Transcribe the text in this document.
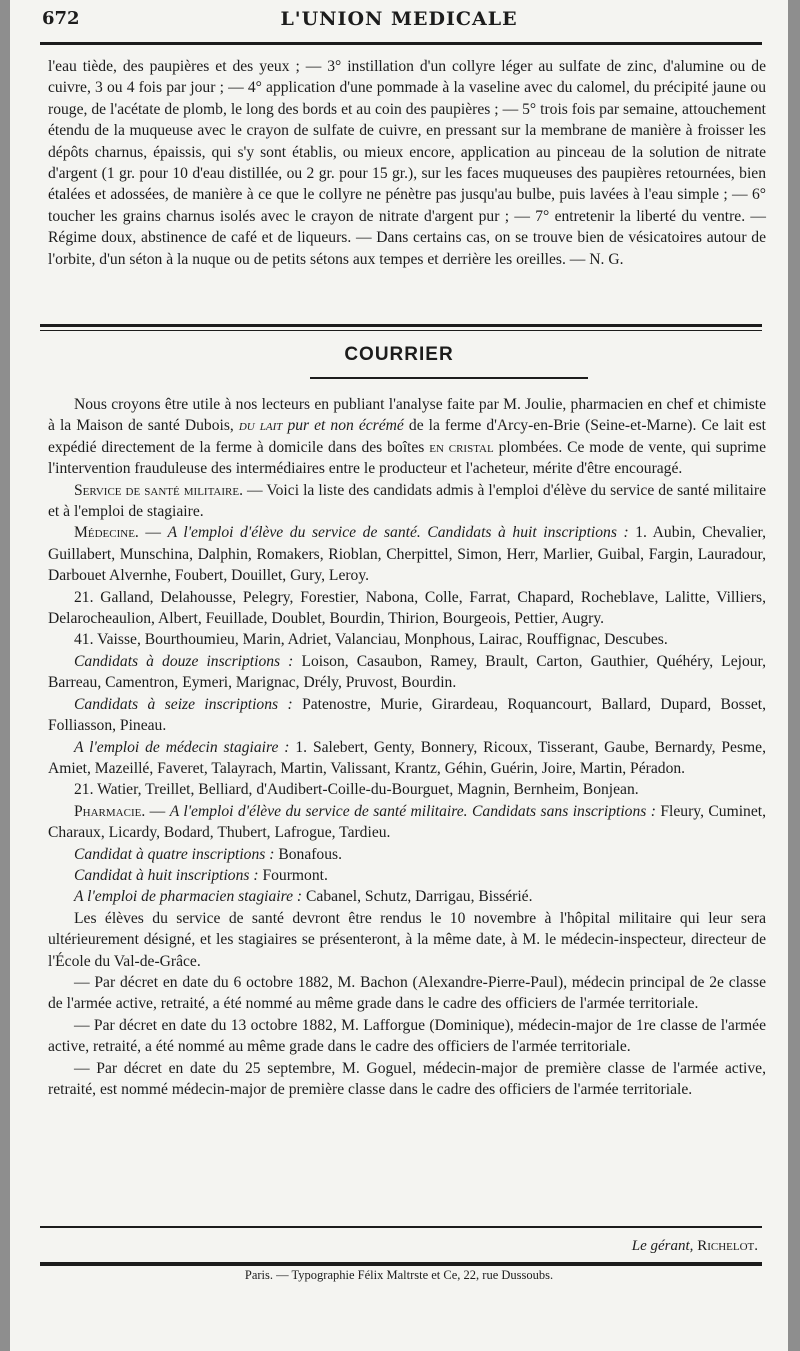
672	L'UNION MEDICALE

l'eau tiède, des paupières et des yeux ; — 3° instillation d'un collyre léger au sulfate de zinc, d'alumine ou de cuivre, 3 ou 4 fois par jour ; — 4° application d'une pommade à la vaseline avec du calomel, du précipité jaune ou rouge, de l'acétate de plomb, le long des bords et au coin des paupières ; — 5° trois fois par semaine, attouchement étendu de la muqueuse avec le crayon de sulfate de cuivre, en pressant sur la membrane de manière à froisser les dépôts charnus, épaissis, qui s'y sont établis, ou mieux encore, application au pinceau de la solution de nitrate d'argent (1 gr. pour 10 d'eau distillée, ou 2 gr. pour 15 gr.), sur les faces muqueuses des paupières retournées, bien étalées et adossées, de manière à ce que le collyre ne pénètre pas jusqu'au bulbe, puis lavées à l'eau simple ; — 6° toucher les grains charnus isolés avec le crayon de nitrate d'argent pur ; — 7° entretenir la liberté du ventre. — Régime doux, abstinence de café et de liqueurs. — Dans certains cas, on se trouve bien de vésicatoires autour de l'orbite, d'un séton à la nuque ou de petits sétons aux tempes et derrière les oreilles. — N. G.

COURRIER

Nous croyons être utile à nos lecteurs en publiant l'analyse faite par M. Joulie, pharmacien en chef et chimiste à la Maison de santé Dubois, du lait pur et non écrémé de la ferme d'Arcy-en-Brie (Seine-et-Marne). Ce lait est expédié directement de la ferme à domicile dans des boîtes en cristal plombées. Ce mode de vente, qui suprime l'intervention frauduleuse des intermédiaires entre le producteur et l'acheteur, mérite d'être encouragé.

Service de santé militaire. — Voici la liste des candidats admis à l'emploi d'élève du service de santé militaire et à l'emploi de stagiaire.

Médecine. — A l'emploi d'élève du service de santé. Candidats à huit inscriptions : 1. Aubin, Chevalier, Guillabert, Munschina, Dalphin, Romakers, Rioblan, Cherpittel, Simon, Herr, Marlier, Guibal, Fargin, Lauradour, Darbouet Alvernhe, Foubert, Douillet, Gury, Leroy.

21. Galland, Delahousse, Pelegry, Forestier, Nabona, Colle, Farrat, Chapard, Rocheblave, Lalitte, Villiers, Delarocheaulion, Albert, Feuillade, Doublet, Bourdin, Thirion, Bourgeois, Pettier, Augry.

41. Vaisse, Bourthoumieu, Marin, Adriet, Valanciau, Monphous, Lairac, Rouffignac, Descubes.

Candidats à douze inscriptions : Loison, Casaubon, Ramey, Brault, Carton, Gauthier, Quéhéry, Lejour, Barreau, Camentron, Eymeri, Marignac, Drély, Pruvost, Bourdin.

Candidats à seize inscriptions : Patenostre, Murie, Girardeau, Roquancourt, Ballard, Dupard, Bosset, Folliasson, Pineau.

A l'emploi de médecin stagiaire : 1. Salebert, Genty, Bonnery, Ricoux, Tisserant, Gaube, Bernardy, Pesme, Amiet, Mazeillé, Faveret, Talayrach, Martin, Valissant, Krantz, Géhin, Guérin, Joire, Martin, Péradon.

21. Watier, Treillet, Belliard, d'Audibert-Coille-du-Bourguet, Magnin, Bernheim, Bonjean.

Pharmacie. — A l'emploi d'élève du service de santé militaire. Candidats sans inscriptions : Fleury, Cuminet, Charaux, Licardy, Bodard, Thubert, Lafrogue, Tardieu.

Candidat à quatre inscriptions : Bonafous.

Candidat à huit inscriptions : Fourmont.

A l'emploi de pharmacien stagiaire : Cabanel, Schutz, Darrigau, Bissérié.

Les élèves du service de santé devront être rendus le 10 novembre à l'hôpital militaire qui leur sera ultérieurement désigné, et les stagiaires se présenteront, à la même date, à M. le médecin-inspecteur, directeur de l'École du Val-de-Grâce.

— Par décret en date du 6 octobre 1882, M. Bachon (Alexandre-Pierre-Paul), médecin principal de 2e classe de l'armée active, retraité, a été nommé au même grade dans le cadre des officiers de l'armée territoriale.

— Par décret en date du 13 octobre 1882, M. Lafforgue (Dominique), médecin-major de 1re classe de l'armée active, retraité, a été nommé au même grade dans le cadre des officiers de l'armée territoriale.

— Par décret en date du 25 septembre, M. Goguel, médecin-major de première classe de l'armée active, retraité, est nommé médecin-major de première classe dans le cadre des officiers de l'armée territoriale.

Le gérant, Richelot.
Paris. — Typographie Félix Maltrste et Ce, 22, rue Dussoubs.
